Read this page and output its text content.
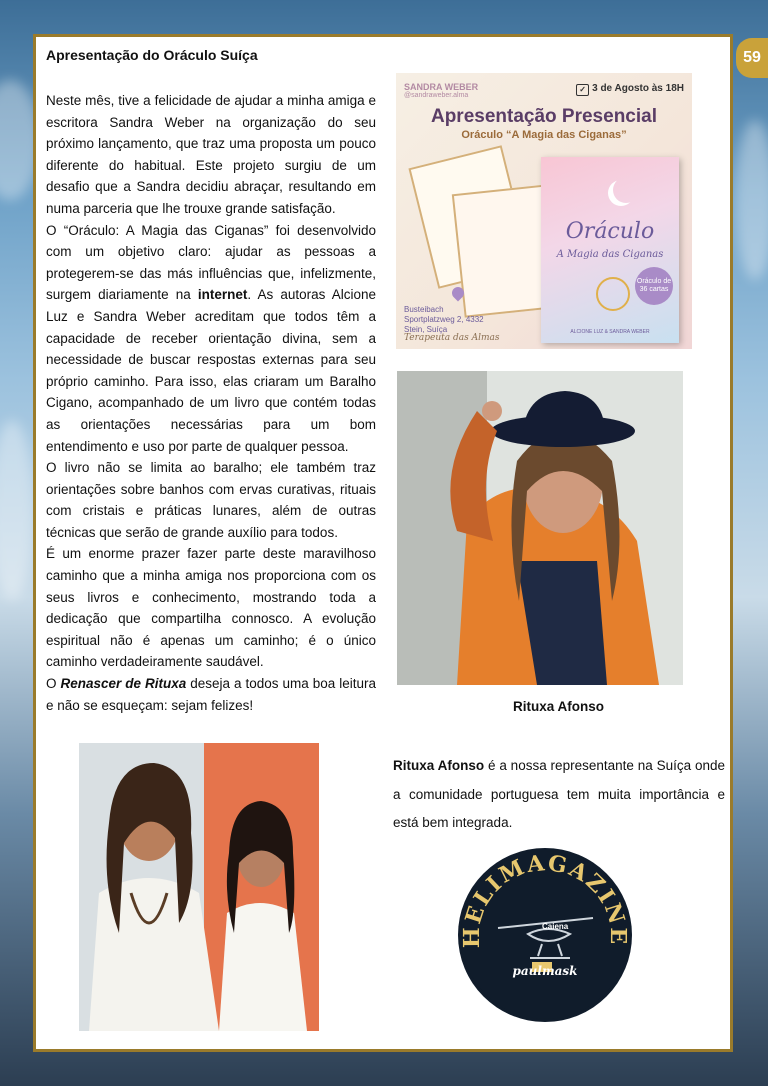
59
Apresentação do Oráculo Suíça

Neste mês, tive a felicidade de ajudar a minha amiga e escritora Sandra Weber na organização do seu próximo lançamento, que traz uma proposta um pouco diferente do habitual. Este projeto surgiu de um desafio que a Sandra decidiu abraçar, resultando em numa parceria que lhe trouxe grande satisfação.

O “Oráculo: A Magia das Ciganas” foi desenvolvido com um objetivo claro: ajudar as pessoas a protegerem-se das más influências que, infelizmente, surgem diariamente na internet. As autoras Alcione Luz e Sandra Weber acreditam que todos têm a capacidade de receber orientação divina, sem a necessidade de buscar respostas externas para seu próprio caminho. Para isso, elas criaram um Baralho Cigano, acompanhado de um livro que contém todas as orientações necessárias para um bom entendimento e uso por parte de qualquer pessoa.

O livro não se limita ao baralho; ele também traz orientações sobre banhos com ervas curativas, rituais com cristais e práticas lunares, além de outras técnicas que serão de grande auxílio para todos.

É um enorme prazer fazer parte deste maravilhoso caminho que a minha amiga nos proporciona com os seus livros e conhecimento, mostrando toda a dedicação que compartilha connosco. A evolução espiritual não é apenas um caminho; é o único caminho verdadeiramente saudável.

O Renascer de Rituxa deseja a todos uma boa leitura e não se esqueçam: sejam felizes!

SANDRA WEBER
@sandraweber.alma
✓ 3 de Agosto às 18H
Apresentação Presencial
Oráculo “A Magia das Ciganas”
Oráculo
A Magia das Ciganas
Oráculo de 36 cartas
ALCIONE LUZ & SANDRA WEBER
Busteibach Sportplatzweg 2, 4332 Stein, Suíça
Terapeuta das Almas
Rituxa Afonso
Rituxa Afonso é a nossa representante na Suíça onde a comunidade portuguesa tem muita importância e está bem integrada.
HELIMAGAZINE
Caiena
paulmask
